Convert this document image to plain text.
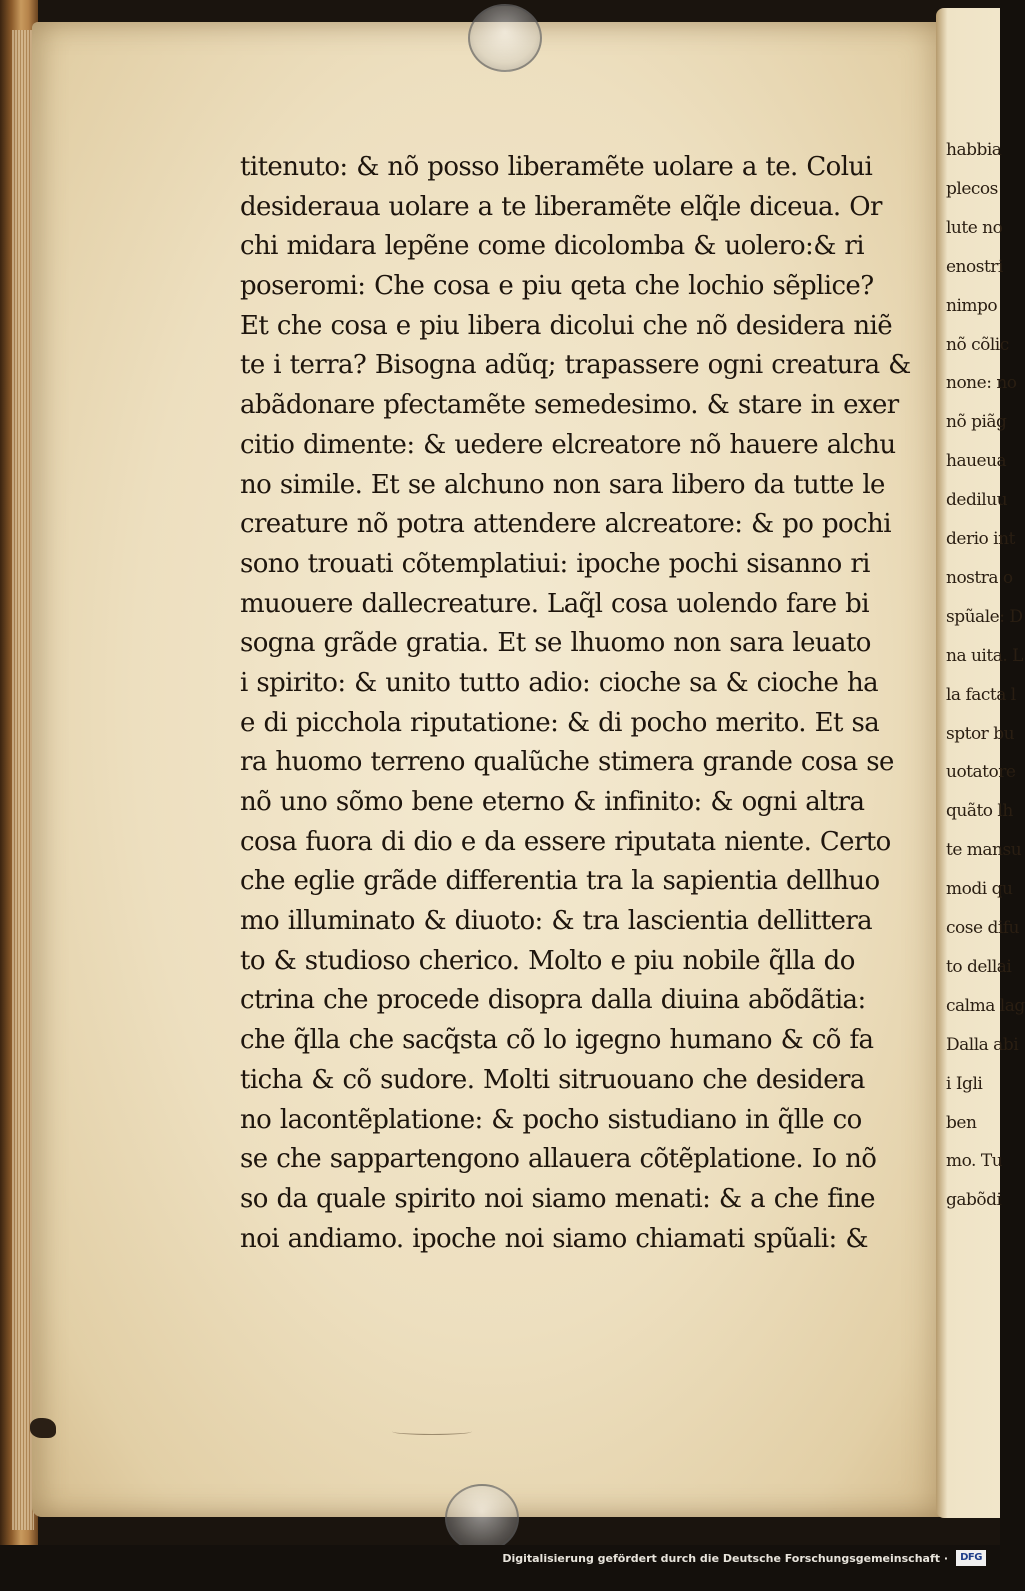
habbia
plecos
lute no
enostri
nimpo
nõ cõlic
none: no
nõ piãg
haueua
dediluu
derio int
nostra o
spũale: D
na uita. L
la facta l
sptor bu
uotatore
quãto lh
te mansu
modi qu
cose difu
to dellai
calma lag
Dalla abi
i Igli
ben
mo. Tu
gabõdi
titenuto: & nõ posso liberamẽte uolare a te. Colui
desideraua uolare a te liberamẽte elq̃le diceua. Or
chi midara lepẽne come dicolomba & uolero:& ri
poseromi: Che cosa e piu qeta che lochio sẽplice?
Et che cosa e piu libera dicolui che nõ desidera niẽ
te i terra? Bisogna adũq; trapassere ogni creatura &
abãdonare pfectamẽte semedesimo. & stare in exer
citio dimente: & uedere elcreatore nõ hauere alchu
no simile. Et se alchuno non sara libero da tutte le
creature nõ potra attendere alcreatore: & po pochi
sono trouati cõtemplatiui: ipoche pochi sisanno ri
muouere dallecreature. Laq̃l cosa uolendo fare bi
sogna grãde gratia. Et se lhuomo non sara leuato
i spirito: & unito tutto adio: cioche sa & cioche ha
e di picchola riputatione: & di pocho merito. Et sa
ra huomo terreno qualũche stimera grande cosa se
nõ uno sõmo bene eterno & infinito: & ogni altra
cosa fuora di dio e da essere riputata niente. Certo
che eglie grãde differentia tra la sapientia dellhuo
mo illuminato & diuoto: & tra lascientia dellittera
to & studioso cherico. Molto e piu nobile q̃lla do
ctrina che procede disopra dalla diuina abõdãtia:
che q̃lla che sacq̃sta cõ lo igegno humano & cõ fa
ticha & cõ sudore. Molti sitruouano che desidera
no lacontẽplatione: & pocho sistudiano in q̃lle co
se che sappartengono allauera cõtẽplatione. Io nõ
so da quale spirito noi siamo menati: & a che fine
noi andiamo. ipoche noi siamo chiamati spũali: &
Digitalisierung gefördert durch die Deutsche Forschungsgemeinschaft ·	DFG
